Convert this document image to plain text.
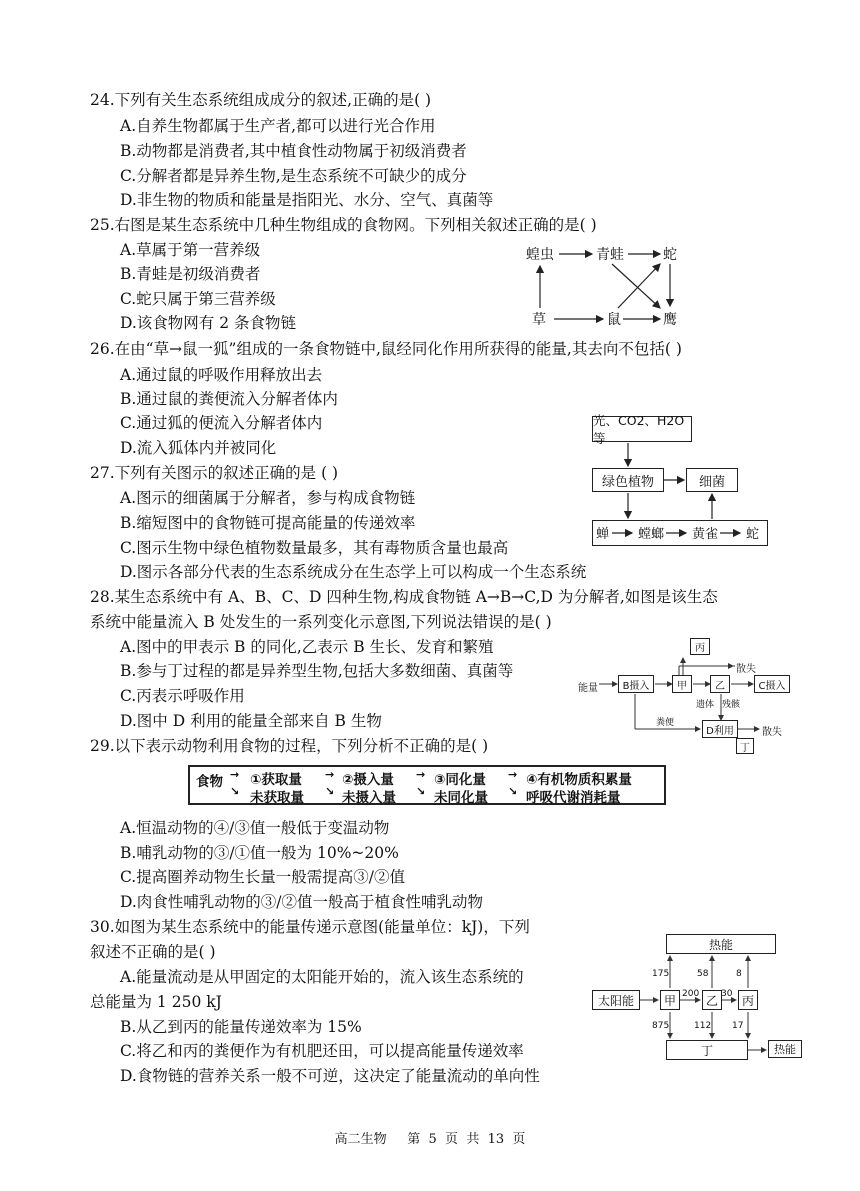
24.下列有关生态系统组成成分的叙述,正确的是( )
A.自养生物都属于生产者,都可以进行光合作用
B.动物都是消费者,其中植食性动物属于初级消费者
C.分解者都是异养生物,是生态系统不可缺少的成分
D.非生物的物质和能量是指阳光、水分、空气、真菌等
25.右图是某生态系统中几种生物组成的食物网。下列相关叙述正确的是( )
A.草属于第一营养级
B.青蛙是初级消费者
C.蛇只属于第三营养级
D.该食物网有 2 条食物链
蝗虫	青蛙	蛇
草	鼠	鹰
26.在由“草→鼠一狐”组成的一条食物链中,鼠经同化作用所获得的能量,其去向不包括( )
A.通过鼠的呼吸作用释放出去
B.通过鼠的粪便流入分解者体内
C.通过狐的便流入分解者体内
D.流入狐体内并被同化
27.下列有关图示的叙述正确的是 ( )
A.图示的细菌属于分解者，参与构成食物链
B.缩短图中的食物链可提高能量的传递效率
C.图示生物中绿色植物数量最多，其有毒物质含量也最高
D.图示各部分代表的生态系统成分在生态学上可以构成一个生态系统
光、CO2、H2O等
绿色植物	细菌
蝉 螳螂 黄雀 蛇
28.某生态系统中有 A、B、C、D 四种生物,构成食物链 A→B→C,D 为分解者,如图是该生态
系统中能量流入 B 处发生的一系列变化示意图,下列说法错误的是( )
A.图中的甲表示 B 的同化,乙表示 B 生长、发育和繁殖
B.参与丁过程的都是异养型生物,包括大多数细菌、真菌等
C.丙表示呼吸作用
D.图中 D 利用的能量全部来自 B 生物
丙
散失
能量	B摄入	甲	乙	C摄入
遗体 残骸
粪便
D利用	散失
丁
29.以下表示动物利用食物的过程，下列分析不正确的是( )
食物 →
↘
①获取量
未获取量
→
↘
②摄入量
未摄入量
→
↘
③同化量
未同化量
→
↘
④有机物质积累量
呼吸代谢消耗量
A.恒温动物的④/③值一般低于变温动物
B.哺乳动物的③/①值一般为 10%~20%
C.提高圈养动物生长量一般需提高③/②值
D.肉食性哺乳动物的③/②值一般高于植食性哺乳动物
30.如图为某生态系统中的能量传递示意图(能量单位：kJ)，下列
叙述不正确的是( )
A.能量流动是从甲固定的太阳能开始的，流入该生态系统的
总能量为 1 250 kJ
B.从乙到丙的能量传递效率为 15%
C.将乙和丙的粪便作为有机肥还田，可以提高能量传递效率
D.食物链的营养关系一般不可逆，这决定了能量流动的单向性
热能
太阳能	甲	乙	丙
丁	热能
175	58	8
200 30
875	112 17
高二生物     第  5  页  共  13  页
